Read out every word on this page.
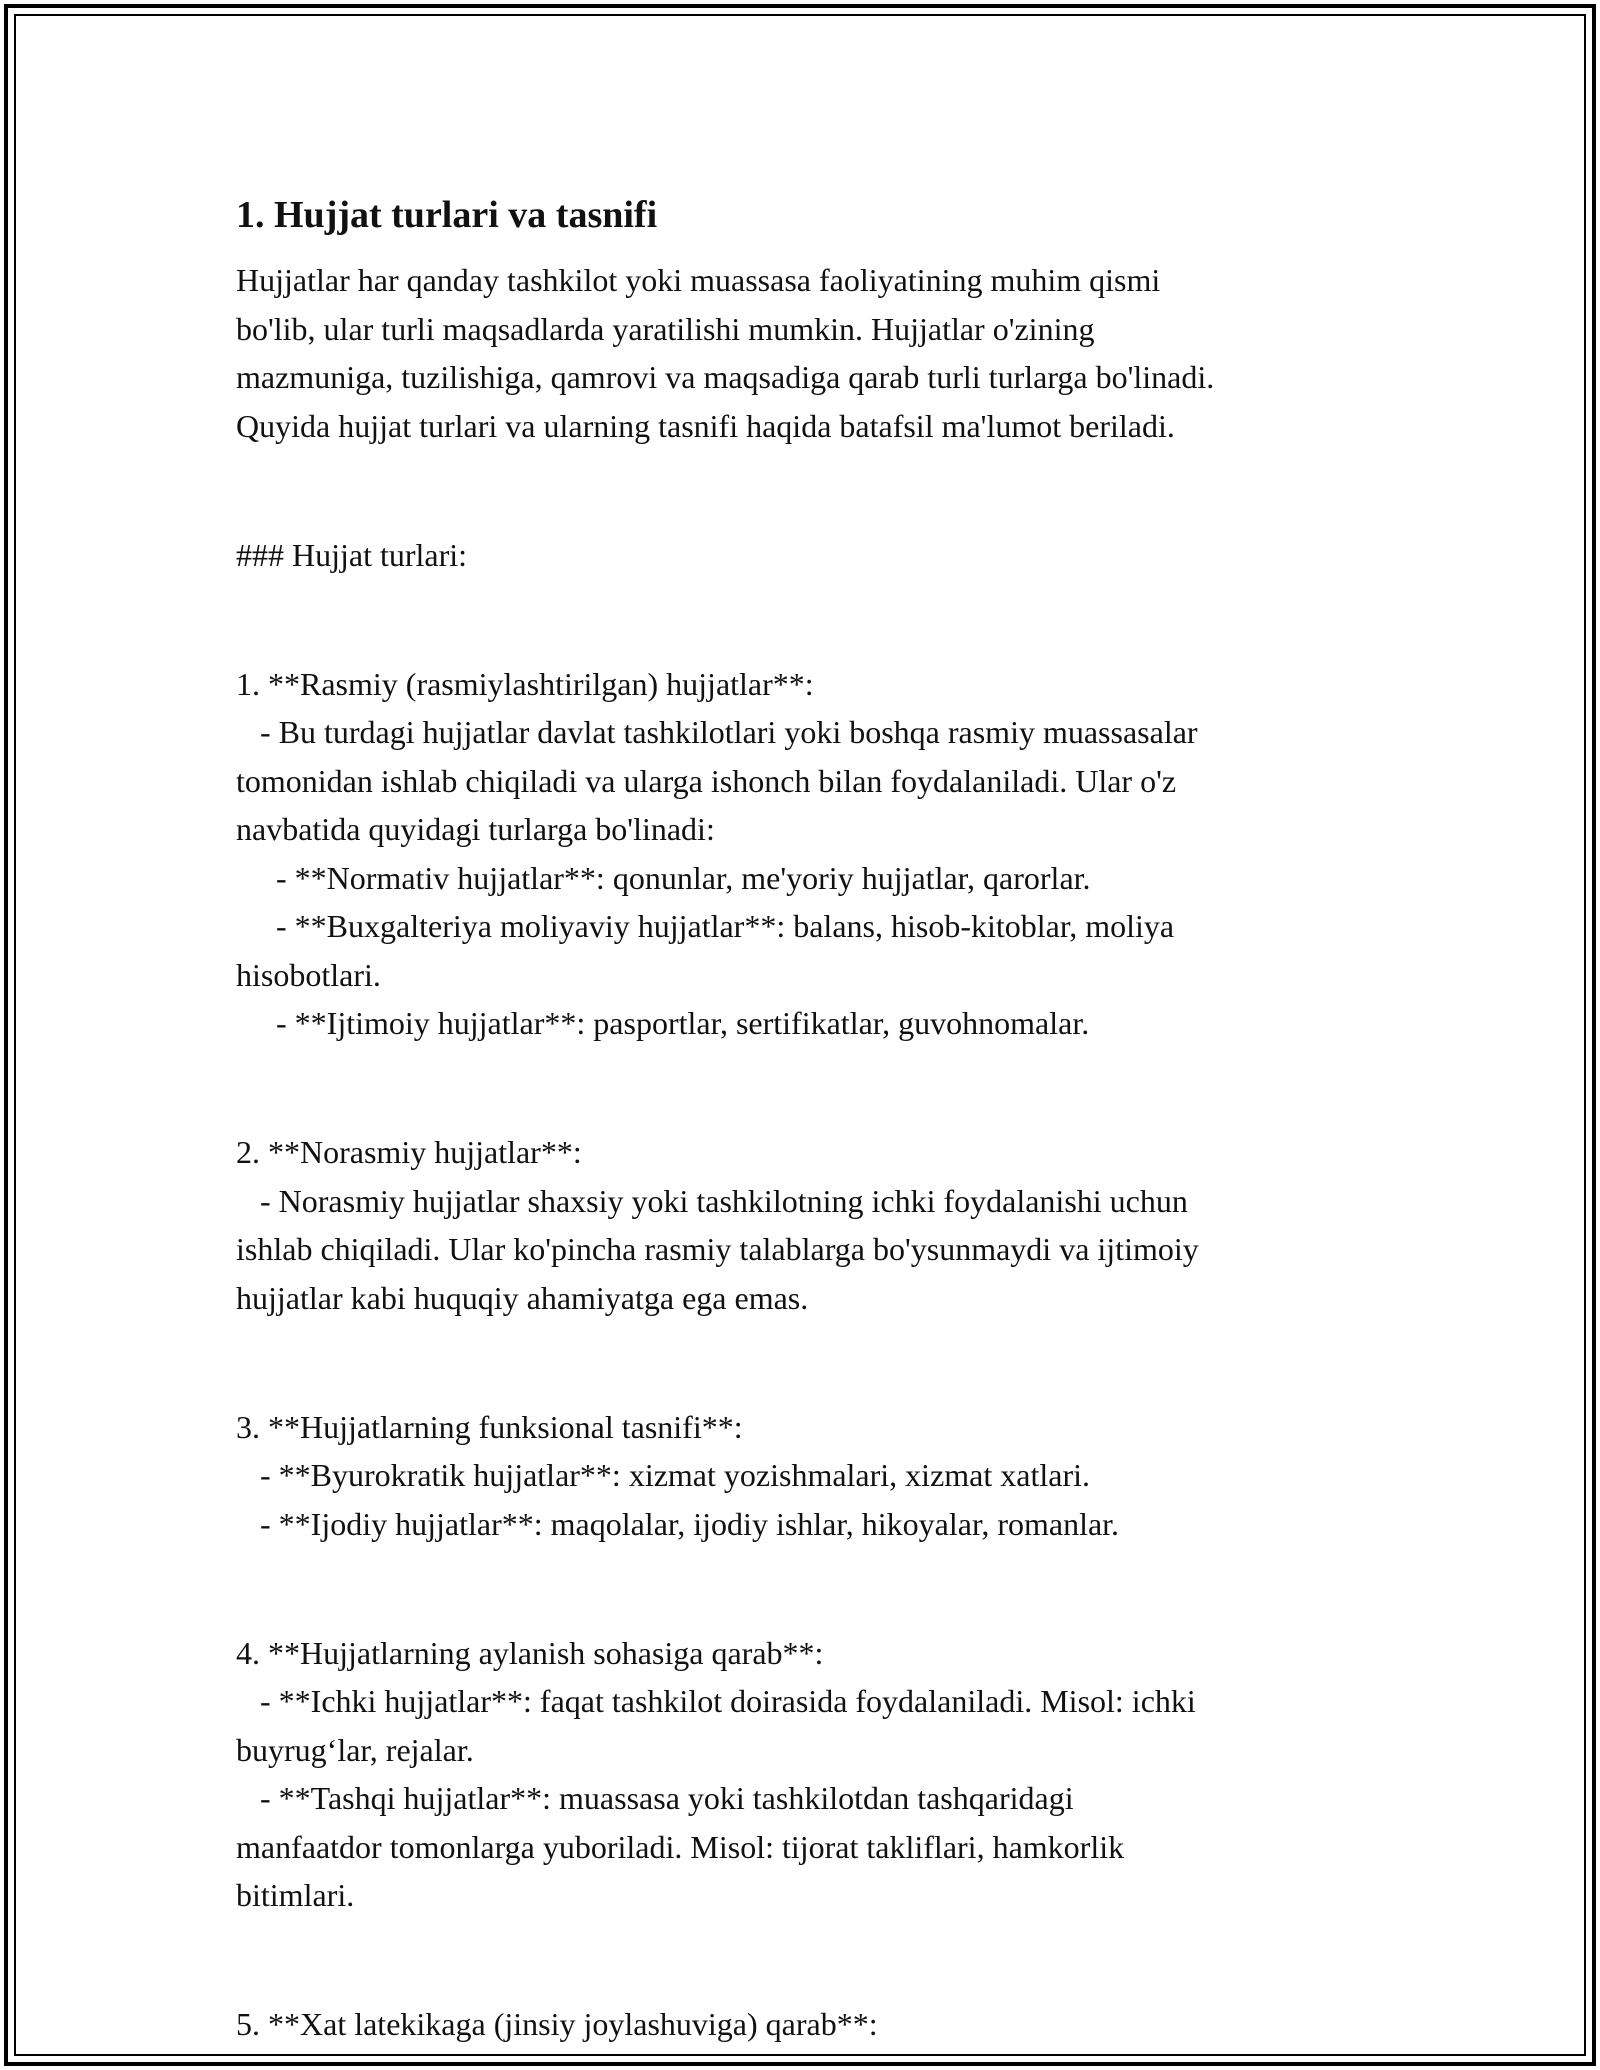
1. Hujjat turlari va tasnifi

Hujjatlar har qanday tashkilot yoki muassasa faoliyatining muhim qismi

bo'lib, ular turli maqsadlarda yaratilishi mumkin. Hujjatlar o'zining

mazmuniga, tuzilishiga, qamrovi va maqsadiga qarab turli turlarga bo'linadi.

Quyida hujjat turlari va ularning tasnifi haqida batafsil ma'lumot beriladi.

### Hujjat turlari:

1. **Rasmiy (rasmiylashtirilgan) hujjatlar**:

- Bu turdagi hujjatlar davlat tashkilotlari yoki boshqa rasmiy muassasalar

tomonidan ishlab chiqiladi va ularga ishonch bilan foydalaniladi. Ular o'z

navbatida quyidagi turlarga bo'linadi:

- **Normativ hujjatlar**: qonunlar, me'yoriy hujjatlar, qarorlar.

- **Buxgalteriya moliyaviy hujjatlar**: balans, hisob-kitoblar, moliya

hisobotlari.

- **Ijtimoiy hujjatlar**: pasportlar, sertifikatlar, guvohnomalar.

2. **Norasmiy hujjatlar**:

- Norasmiy hujjatlar shaxsiy yoki tashkilotning ichki foydalanishi uchun

ishlab chiqiladi. Ular ko'pincha rasmiy talablarga bo'ysunmaydi va ijtimoiy

hujjatlar kabi huquqiy ahamiyatga ega emas.

3. **Hujjatlarning funksional tasnifi**:

- **Byurokratik hujjatlar**: xizmat yozishmalari, xizmat xatlari.

- **Ijodiy hujjatlar**: maqolalar, ijodiy ishlar, hikoyalar, romanlar.

4. **Hujjatlarning aylanish sohasiga qarab**:

- **Ichki hujjatlar**: faqat tashkilot doirasida foydalaniladi. Misol: ichki

buyrug‘lar, rejalar.

- **Tashqi hujjatlar**: muassasa yoki tashkilotdan tashqaridagi

manfaatdor tomonlarga yuboriladi. Misol: tijorat takliflari, hamkorlik

bitimlari.

5. **Xat latekikaga (jinsiy joylashuviga) qarab**:
